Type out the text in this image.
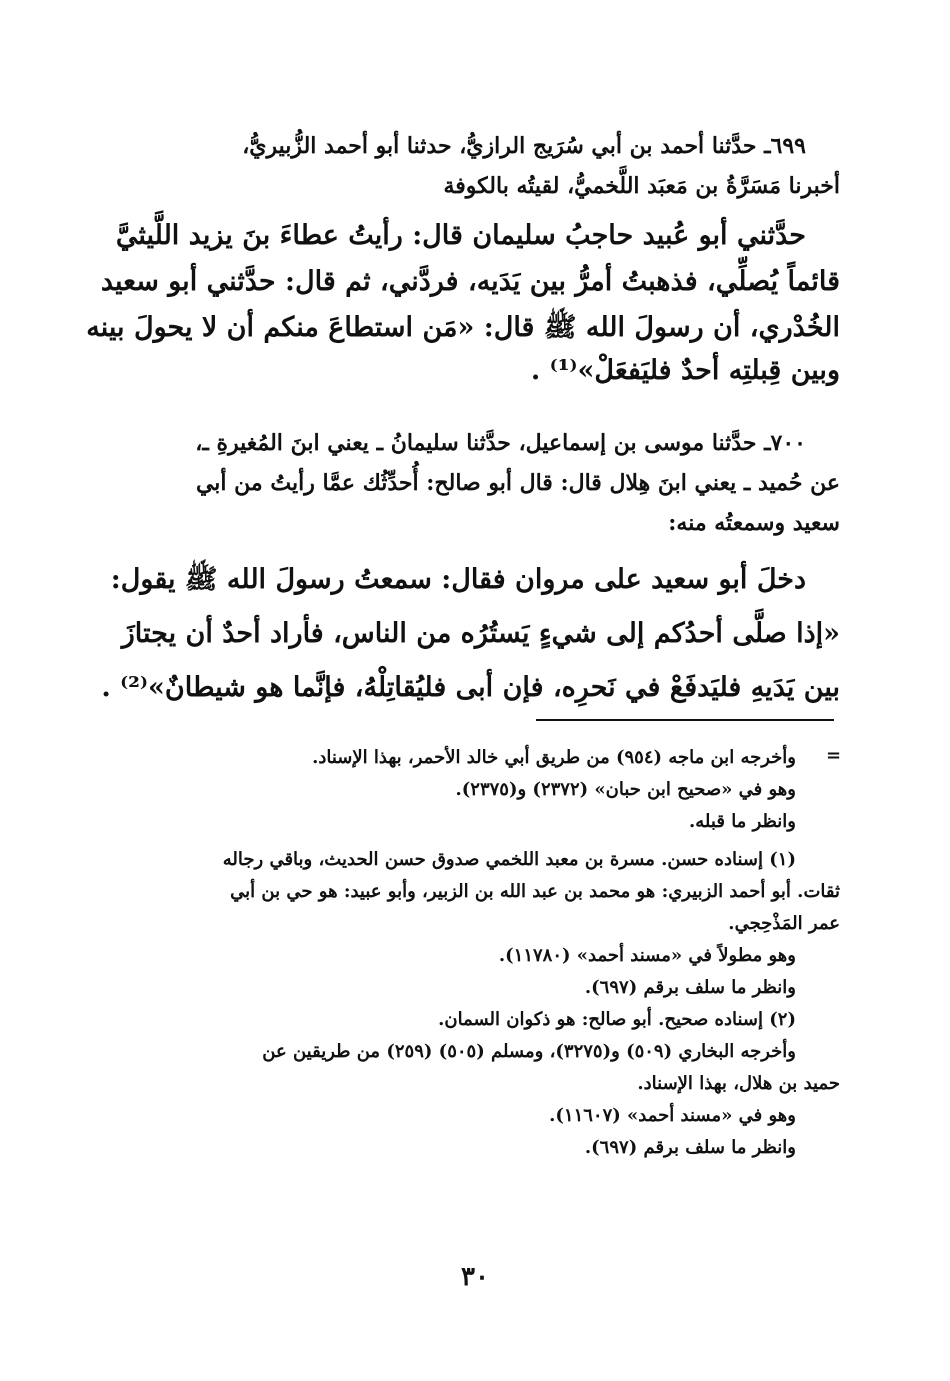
٦٩٩ـ حدَّثنا أحمد بن أبي سُرَيج الرازيُّ، حدثنا أبو أحمد الزُّبيريُّ،
أخبرنا مَسَرَّةُ بن مَعبَد اللَّخميُّ، لقيتُه بالكوفة
حدَّثني أبو عُبيد حاجبُ سليمان قال: رأيتُ عطاءَ بنَ يزيد اللَّيثيَّ
قائماً يُصلِّي، فذهبتُ أمرُّ بين يَدَيه، فردَّني، ثم قال: حدَّثني أبو سعيد
الخُدْري، أن رسولَ الله ﷺ قال: «مَن استطاعَ منكم أن لا يحولَ بينه
وبين قِبلتِه أحدٌ فليَفعَلْ»⁽¹⁾ .
٧٠٠ـ حدَّثنا موسى بن إسماعيل، حدَّثنا سليمانُ ـ يعني ابنَ المُغيرةِ ـ،
عن حُميد ـ يعني ابنَ هِلال قال: قال أبو صالح: أُحدِّثُك عمَّا رأيتُ من أبي
سعيد وسمعتُه منه:
دخلَ أبو سعيد على مروان فقال: سمعتُ رسولَ الله ﷺ يقول:
«إذا صلَّى أحدُكم إلى شيءٍ يَستُرُه من الناس، فأراد أحدٌ أن يجتازَ
بين يَدَيهِ فليَدفَعْ في نَحرِه، فإن أبى فليُقاتِلْهُ، فإنَّما هو شيطانٌ»⁽²⁾ .
=
وأخرجه ابن ماجه (٩٥٤) من طريق أبي خالد الأحمر، بهذا الإسناد.
وهو في «صحيح ابن حبان» (٢٣٧٢) و(٢٣٧٥).
وانظر ما قبله.
(١) إسناده حسن. مسرة بن معبد اللخمي صدوق حسن الحديث، وباقي رجاله
ثقات. أبو أحمد الزبيري: هو محمد بن عبد الله بن الزبير، وأبو عبيد: هو حي بن أبي
عمر المَذْحِجي.
وهو مطولاً في «مسند أحمد» (١١٧٨٠).
وانظر ما سلف برقم (٦٩٧).
(٢) إسناده صحيح. أبو صالح: هو ذكوان السمان.
وأخرجه البخاري (٥٠٩) و(٣٢٧٥)، ومسلم (٥٠٥) (٢٥٩) من طريقين عن
حميد بن هلال، بهذا الإسناد.
وهو في «مسند أحمد» (١١٦٠٧).
وانظر ما سلف برقم (٦٩٧).
٣٠
